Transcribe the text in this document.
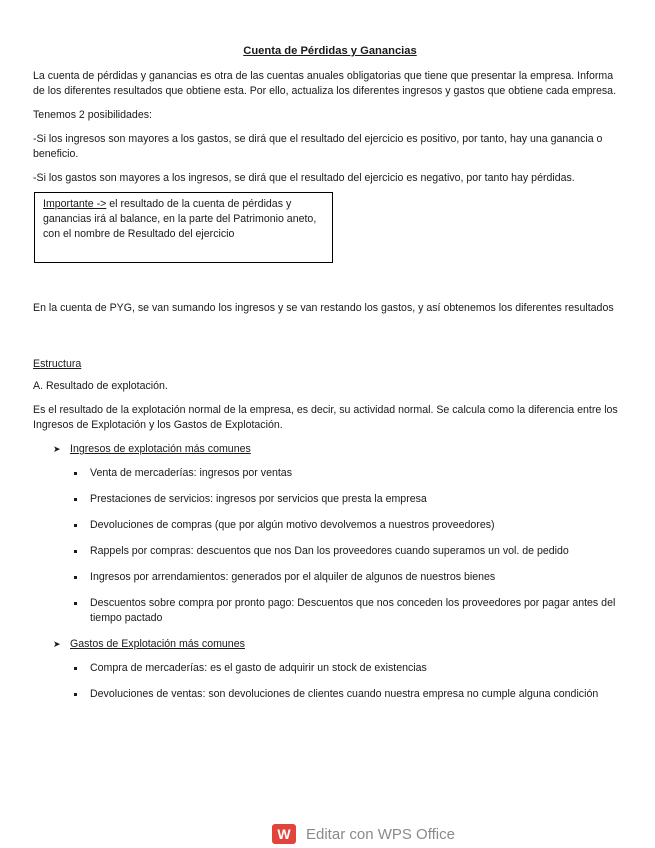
Cuenta de Pérdidas y Ganancias

La cuenta de pérdidas y ganancias es otra de las cuentas anuales obligatorias que tiene que presentar la empresa. Informa de los diferentes resultados que obtiene esta. Por ello, actualiza los diferentes ingresos y gastos que obtiene cada empresa.

Tenemos 2 posibilidades:

-Si los ingresos son mayores a los gastos, se dirá que el resultado del ejercicio es positivo, por tanto, hay una ganancia o beneficio.

-Si los gastos son mayores a los ingresos, se dirá que el resultado del ejercicio es negativo, por tanto hay pérdidas.

Importante -> el resultado de la cuenta de pérdidas y ganancias irá al balance, en la parte del Patrimonio aneto, con el nombre de Resultado del ejercicio

En la cuenta de PYG, se van sumando los ingresos y se van restando los gastos, y así obtenemos los diferentes resultados

Estructura

A. Resultado de explotación.

Es el resultado de la explotación normal de la empresa, es decir, su actividad normal. Se calcula como la diferencia entre los Ingresos de Explotación y los Gastos de Explotación.

➤ Ingresos de explotación más comunes
Venta de mercaderías: ingresos por ventas
Prestaciones de servicios: ingresos por servicios que presta la empresa
Devoluciones de compras (que por algún motivo devolvemos a nuestros proveedores)
Rappels por compras: descuentos que nos Dan los proveedores cuando superamos un vol. de pedido
Ingresos por arrendamientos: generados por el alquiler de algunos de nuestros bienes
Descuentos sobre compra por pronto pago: Descuentos que nos conceden los proveedores por pagar antes del tiempo pactado
➤ Gastos de Explotación más comunes
Compra de mercaderías: es el gasto de adquirir un stock de existencias
Devoluciones de ventas: son devoluciones de clientes cuando nuestra empresa no cumple alguna condición
W	Editar con WPS Office
